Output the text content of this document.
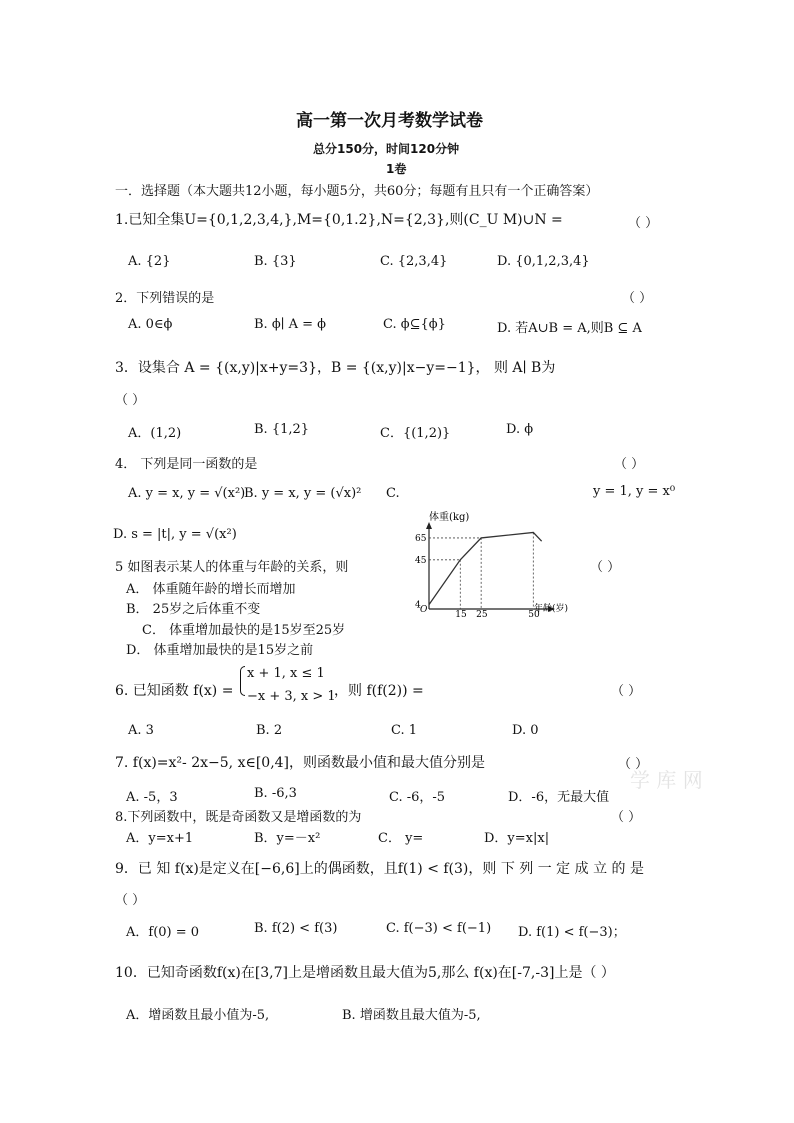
高一第一次月考数学试卷
总分150分，时间120分钟
1卷
一．选择题（本大题共12小题，每小题5分，共60分；每题有且只有一个正确答案）
1.已知全集U={0,1,2,3,4,},M={0,1.2},N={2,3},则(C_U M)∪N =	（ ）
A. {2}	B. {3}	C. {2,3,4}	D. {0,1,2,3,4}
2．下列错误的是	（ ）
A. 0∈ϕ	B. ϕ∣ A = ϕ	C. ϕ⊆{ϕ}	D. 若A∪B = A,则B ⊆ A
3．设集合 A = {(x,y)|x+y=3}，B = {(x,y)|x−y=−1}， 则 A∣ B为
（ ）
A．(1,2)	B. {1,2}	C．{(1,2)}	D. ϕ
4． 下列是同一函数的是	（ ）
A. y = x, y = √(x²)
B. y = x, y = (√x)² C.	y = 1, y = x⁰
D. s = |t|, y = √(x²)
5 如图表示某人的体重与年龄的关系，则	（ ）
A． 体重随年龄的增长而增加
B． 25岁之后体重不变
C． 体重增加最快的是15岁至25岁
D． 体重增加最快的是15岁之前
体重(kg)
年龄(岁)
O	15 25	50
4
45
65
6. 已知函数 f(x) =
x + 1, x ≤ 1
−x + 3, x > 1
，则 f(f(2)) =	（ ）
A. 3	B. 2	C. 1	D. 0
7. f(x)=x²- 2x−5, x∈[0,4]，则函数最小值和最大值分别是	（ ）
A. -5，3	B. -6,3	C. -6，-5	D．-6，无最大值
学 库 网
8.下列函数中，既是奇函数又是增函数的为	（ ）
A．y=x+1	B．y=－x²	C． y=	D．y=x|x|
9．已 知 f(x)是定义在[−6,6]上的偶函数，且f(1) < f(3)，则 下 列 一 定 成 立 的 是
（ ）
A．f(0) = 0	B. f(2) < f(3)	C. f(−3) < f(−1) D. f(1) < f(−3)；
10．已知奇函数f(x)在[3,7]上是增函数且最大值为5,那么 f(x)在[-7,-3]上是（ ）
A．增函数且最小值为-5,	B. 增函数且最大值为-5,
